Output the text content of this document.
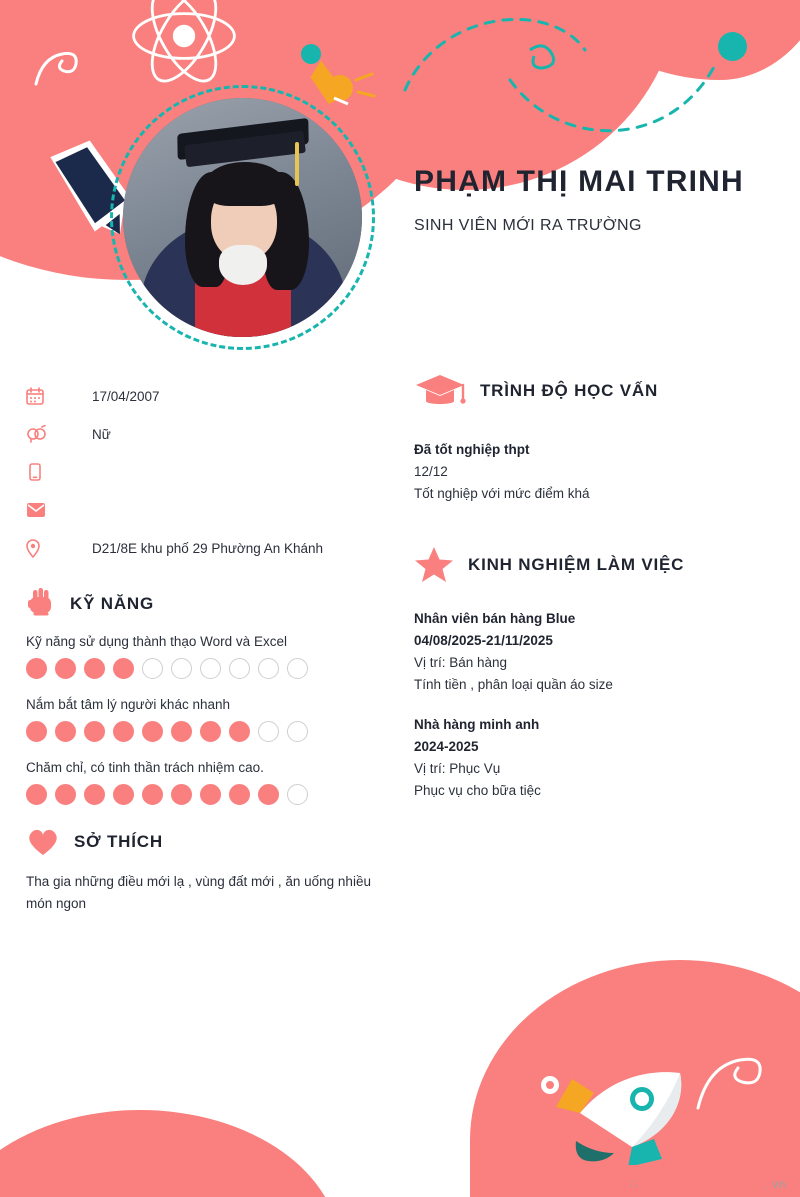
PHẠM THỊ MAI TRINH
SINH VIÊN MỚI RA TRƯỜNG
17/04/2007
Nữ
D21/8E khu phố 29 Phường An Khánh
KỸ NĂNG
Kỹ năng sử dụng thành thạo Word và Excel
Nắm bắt tâm lý người khác nhanh
Chăm chỉ, có tinh thần trách nhiệm cao.
SỞ THÍCH

Tha gia những điều mới lạ , vùng đất mới , ăn uống nhiều món ngon

TRÌNH ĐỘ HỌC VẤN
Đã tốt nghiệp thpt
12/12
Tốt nghiệp với mức điểm khá
KINH NGHIỆM LÀM VIỆC
Nhân viên bán hàng Blue
04/08/2025-21/11/2025
Vị trí: Bán hàng
Tính tiền , phân loại quần áo size
Nhà hàng minh anh
2024-2025
Vị trí: Phục Vụ
Phục vụ cho bữa tiệc
∴	. vn
